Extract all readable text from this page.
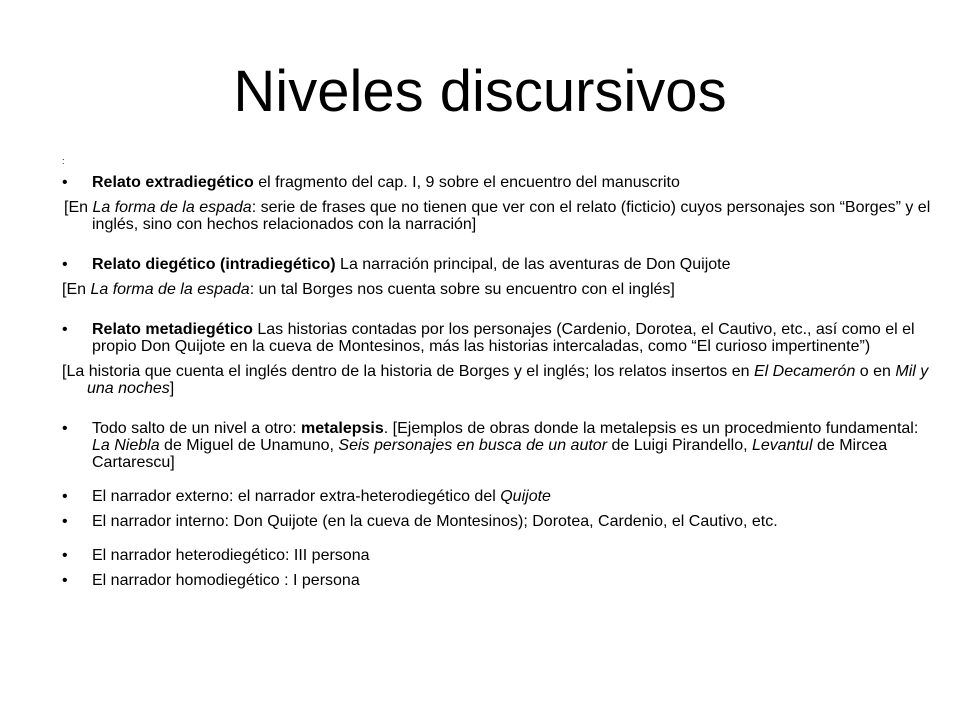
Niveles discursivos
:
• Relato extradiegético el fragmento del cap. I, 9 sobre el encuentro del manuscrito
[En La forma de la espada: serie de frases que no tienen que ver con el relato (ficticio) cuyos personajes son “Borges” y el inglés, sino con hechos relacionados con la narración]
• Relato diegético (intradiegético) La narración principal, de las aventuras de Don Quijote
[En La forma de la espada: un tal Borges nos cuenta sobre su encuentro con el inglés]
• Relato metadiegético Las historias contadas por los personajes (Cardenio, Dorotea, el Cautivo, etc., así como el el propio Don Quijote en la cueva de Montesinos, más las historias intercaladas, como “El curioso impertinente”)
[La historia que cuenta el inglés dentro de la historia de Borges y el inglés; los relatos insertos en El Decamerón o en Mil y una noches]
• Todo salto de un nivel a otro: metalepsis. [Ejemplos de obras donde la metalepsis es un procedmiento fundamental: La Niebla de Miguel de Unamuno, Seis personajes en busca de un autor de Luigi Pirandello, Levantul de Mircea Cartarescu]
• El narrador externo: el narrador extra-heterodiegético del Quijote
• El narrador interno: Don Quijote (en la cueva de Montesinos); Dorotea, Cardenio, el Cautivo, etc.
• El narrador heterodiegético: III persona
• El narrador homodiegético : I persona
